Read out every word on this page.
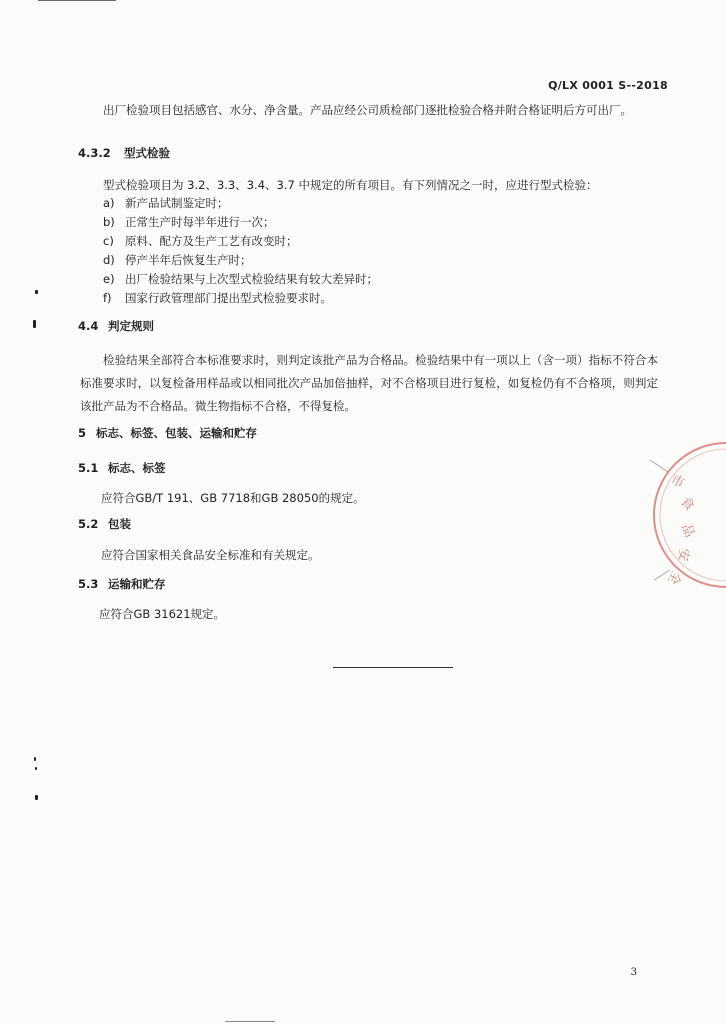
Q/LX 0001 S--2018
出厂检验项目包括感官、水分、净含量。产品应经公司质检部门逐批检验合格并附合格证明后方可出厂。
4.3.2 型式检验
型式检验项目为 3.2、3.3、3.4、3.7 中规定的所有项目。有下列情况之一时，应进行型式检验：
a) 新产品试制鉴定时；
b) 正常生产时每半年进行一次；
c) 原料、配方及生产工艺有改变时；
d) 停产半年后恢复生产时；
e) 出厂检验结果与上次型式检验结果有较大差异时；
f) 国家行政管理部门提出型式检验要求时。
4.4 判定规则
检验结果全部符合本标准要求时，则判定该批产品为合格品。检验结果中有一项以上（含一项）指标不符合本标准要求时，以复检备用样品或以相同批次产品加倍抽样，对不合格项目进行复检，如复检仍有不合格项，则判定该批产品为不合格品。微生物指标不合格，不得复检。
5 标志、标签、包装、运输和贮存
5.1 标志、标签
应符合GB/T 191、GB 7718和GB 28050的规定。
5.2 包装
应符合国家相关食品安全标准和有关规定。
5.3 运输和贮存
应符合GB 31621规定。
市
食
品
安
全
3
